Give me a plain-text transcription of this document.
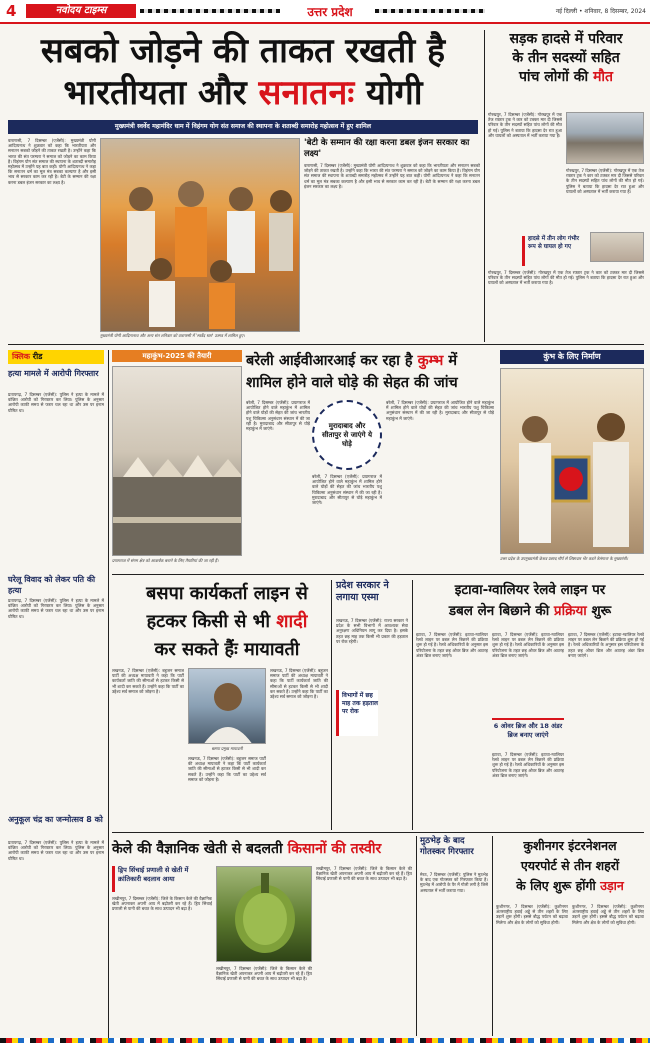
4	नवोदय टाइम्स	उत्तर प्रदेश	नई दिल्ली • शनिवार, 8 दिसम्बर, 2024
सबको जोड़ने की ताकत रखती है
भारतीयता और सनातनः योगी
मुख्यमंत्री स्वर्वेद महामंदिर धाम में विहंगम योग संत समाज की स्थापना के शताब्दी समारोह महोत्सव में हुए शामिल

वाराणसी, 7 दिसम्बर (एजेंसी): मुख्यमंत्री योगी आदित्यनाथ ने शुक्रवार को कहा कि भारतीयता और सनातन सबको जोड़ने की ताकत रखती है। उन्होंने कहा कि भारत की संत परम्परा ने समाज को जोड़ने का काम किया है। विहंगम योग संत समाज की स्थापना के शताब्दी समारोह महोत्सव में उन्होंने यह बात कही। योगी आदित्यनाथ ने कहा कि सनातन धर्म का मूल मंत्र सबका कल्याण है और इसी भाव से सरकार काम कर रही है। बेटी के सम्मान की रक्षा करना डबल इंजन सरकार का लक्ष्य है।

मुख्यमंत्री योगी आदित्यनाथ और अन्य संत शनिवार को वाराणसी में 'स्वर्वेद धाम' उत्सव में शामिल हुए।
'बेटी के सम्मान की रक्षा करना डबल इंजन सरकार का लक्ष्य'
वाराणसी, 7 दिसम्बर (एजेंसी): मुख्यमंत्री योगी आदित्यनाथ ने शुक्रवार को कहा कि भारतीयता और सनातन सबको जोड़ने की ताकत रखती है। उन्होंने कहा कि भारत की संत परम्परा ने समाज को जोड़ने का काम किया है। विहंगम योग संत समाज की स्थापना के शताब्दी समारोह महोत्सव में उन्होंने यह बात कही। योगी आदित्यनाथ ने कहा कि सनातन धर्म का मूल मंत्र सबका कल्याण है और इसी भाव से सरकार काम कर रही है। बेटी के सम्मान की रक्षा करना डबल इंजन सरकार का लक्ष्य है।
सड़क हादसे में परिवार
के तीन सदस्यों सहित
पांच लोगों की मौत

गोरखपुर, 7 दिसम्बर (एजेंसी): गोरखपुर में एक तेज रफ्तार ट्रक ने कार को टक्कर मार दी जिससे परिवार के तीन सदस्यों सहित पांच लोगों की मौत हो गई। पुलिस ने बताया कि हादसा देर रात हुआ और घायलों को अस्पताल में भर्ती कराया गया है।

गोरखपुर, 7 दिसम्बर (एजेंसी): गोरखपुर में एक तेज रफ्तार ट्रक ने कार को टक्कर मार दी जिससे परिवार के तीन सदस्यों सहित पांच लोगों की मौत हो गई। पुलिस ने बताया कि हादसा देर रात हुआ और घायलों को अस्पताल में भर्ती कराया गया है।

हादसे में तीन लोग गंभीर रूप से घायल हो गए

गोरखपुर, 7 दिसम्बर (एजेंसी): गोरखपुर में एक तेज रफ्तार ट्रक ने कार को टक्कर मार दी जिससे परिवार के तीन सदस्यों सहित पांच लोगों की मौत हो गई। पुलिस ने बताया कि हादसा देर रात हुआ और घायलों को अस्पताल में भर्ती कराया गया है।

क्लिक रीड
हत्या मामले में आरोपी गिरफ्तार

प्रतापगढ़, 7 दिसम्बर (एजेंसी): पुलिस ने हत्या के मामले में वांछित आरोपी को गिरफ्तार कर लिया। पुलिस के अनुसार आरोपी काफी समय से फरार चल रहा था और उस पर इनाम घोषित था।

घरेलू विवाद को लेकर पति की हत्या

प्रतापगढ़, 7 दिसम्बर (एजेंसी): पुलिस ने हत्या के मामले में वांछित आरोपी को गिरफ्तार कर लिया। पुलिस के अनुसार आरोपी काफी समय से फरार चल रहा था और उस पर इनाम घोषित था।

अनुकूल चंद्र का जन्मोत्सव 8 को

प्रतापगढ़, 7 दिसम्बर (एजेंसी): पुलिस ने हत्या के मामले में वांछित आरोपी को गिरफ्तार कर लिया। पुलिस के अनुसार आरोपी काफी समय से फरार चल रहा था और उस पर इनाम घोषित था।

महाकुंभ-2025 की तैयारी
प्रयागराज में संगम क्षेत्र को आकर्षक बनाने के लिए तैयारियां की जा रही हैं।
बरेली आईवीआरआई कर रहा है कुम्भ में
शामिल होने वाले घोड़े की सेहत की जांच

बरेली, 7 दिसम्बर (एजेंसी): प्रयागराज में आयोजित होने वाले महाकुंभ में शामिल होने वाले घोड़ों की सेहत की जांच भारतीय पशु चिकित्सा अनुसंधान संस्थान में की जा रही है। मुरादाबाद और सीतापुर से घोड़े महाकुंभ में जाएंगे।	मुरादाबाद और सीतापुर से जाएंगे ये घोड़े

बरेली, 7 दिसम्बर (एजेंसी): प्रयागराज में आयोजित होने वाले महाकुंभ में शामिल होने वाले घोड़ों की सेहत की जांच भारतीय पशु चिकित्सा अनुसंधान संस्थान में की जा रही है। मुरादाबाद और सीतापुर से घोड़े महाकुंभ में जाएंगे।

बरेली, 7 दिसम्बर (एजेंसी): प्रयागराज में आयोजित होने वाले महाकुंभ में शामिल होने वाले घोड़ों की सेहत की जांच भारतीय पशु चिकित्सा अनुसंधान संस्थान में की जा रही है। मुरादाबाद और सीतापुर से घोड़े महाकुंभ में जाएंगे।

कुंभ के लिए निर्माण
उत्तर प्रदेश के उपमुख्यमंत्री केशव प्रसाद मौर्य से शिष्टाचार भेंट करते तेलंगाना के मुख्यमंत्री।
बसपा कार्यकर्ता लाइन से
हटकर किसी से भी शादी
कर सकते हैंः मायावती

लखनऊ, 7 दिसम्बर (एजेंसी): बहुजन समाज पार्टी की अध्यक्ष मायावती ने कहा कि पार्टी कार्यकर्ता जाति की सीमाओं से हटकर किसी से भी शादी कर सकते हैं। उन्होंने कहा कि पार्टी का उद्देश्य सर्व समाज को जोड़ना है।

बसपा प्रमुख मायावती

लखनऊ, 7 दिसम्बर (एजेंसी): बहुजन समाज पार्टी की अध्यक्ष मायावती ने कहा कि पार्टी कार्यकर्ता जाति की सीमाओं से हटकर किसी से भी शादी कर सकते हैं। उन्होंने कहा कि पार्टी का उद्देश्य सर्व समाज को जोड़ना है।

लखनऊ, 7 दिसम्बर (एजेंसी): बहुजन समाज पार्टी की अध्यक्ष मायावती ने कहा कि पार्टी कार्यकर्ता जाति की सीमाओं से हटकर किसी से भी शादी कर सकते हैं। उन्होंने कहा कि पार्टी का उद्देश्य सर्व समाज को जोड़ना है।

प्रदेश सरकार ने लगाया एस्मा

लखनऊ, 7 दिसम्बर (एजेंसी): राज्य सरकार ने प्रदेश के सभी विभागों में आवश्यक सेवा अनुरक्षण अधिनियम लागू कर दिया है। इसके तहत छह माह तक किसी भी प्रकार की हड़ताल पर रोक रहेगी।

विभागों में छह माह तक हड़ताल पर रोक
इटावा-ग्वालियर रेलवे लाइन पर
डबल लेन बिछाने की प्रक्रिया शुरू

इटावा, 7 दिसम्बर (एजेंसी): इटावा-ग्वालियर रेलवे लाइन पर डबल लेन बिछाने की प्रक्रिया शुरू हो गई है। रेलवे अधिकारियों के अनुसार इस परियोजना के तहत छह ओवर ब्रिज और अठारह अंडर ब्रिज बनाए जाएंगे।

इटावा, 7 दिसम्बर (एजेंसी): इटावा-ग्वालियर रेलवे लाइन पर डबल लेन बिछाने की प्रक्रिया शुरू हो गई है। रेलवे अधिकारियों के अनुसार इस परियोजना के तहत छह ओवर ब्रिज और अठारह अंडर ब्रिज बनाए जाएंगे।

6 ओवर ब्रिज और 18 अंडर ब्रिज बनाए जाएंगे

इटावा, 7 दिसम्बर (एजेंसी): इटावा-ग्वालियर रेलवे लाइन पर डबल लेन बिछाने की प्रक्रिया शुरू हो गई है। रेलवे अधिकारियों के अनुसार इस परियोजना के तहत छह ओवर ब्रिज और अठारह अंडर ब्रिज बनाए जाएंगे।

इटावा, 7 दिसम्बर (एजेंसी): इटावा-ग्वालियर रेलवे लाइन पर डबल लेन बिछाने की प्रक्रिया शुरू हो गई है। रेलवे अधिकारियों के अनुसार इस परियोजना के तहत छह ओवर ब्रिज और अठारह अंडर ब्रिज बनाए जाएंगे।

केले की वैज्ञानिक खेती से बदलती किसानों की तस्वीर
ड्रिप सिंचाई प्रणाली से खेती में क्रांतिकारी बदलाव आया

लखीमपुर, 7 दिसम्बर (एजेंसी): जिले के किसान केले की वैज्ञानिक खेती अपनाकर अपनी आय में बढ़ोतरी कर रहे हैं। ड्रिप सिंचाई प्रणाली से पानी की बचत के साथ उत्पादन भी बढ़ा है।

लखीमपुर, 7 दिसम्बर (एजेंसी): जिले के किसान केले की वैज्ञानिक खेती अपनाकर अपनी आय में बढ़ोतरी कर रहे हैं। ड्रिप सिंचाई प्रणाली से पानी की बचत के साथ उत्पादन भी बढ़ा है।

लखीमपुर, 7 दिसम्बर (एजेंसी): जिले के किसान केले की वैज्ञानिक खेती अपनाकर अपनी आय में बढ़ोतरी कर रहे हैं। ड्रिप सिंचाई प्रणाली से पानी की बचत के साथ उत्पादन भी बढ़ा है।

मुठभेड़ के बाद गोतस्कर गिरफ्तार

मेरठ, 7 दिसम्बर (एजेंसी): पुलिस ने मुठभेड़ के बाद एक गोतस्कर को गिरफ्तार किया है। मुठभेड़ में आरोपी के पैर में गोली लगी है जिसे अस्पताल में भर्ती कराया गया।

कुशीनगर इंटरनेशनल
एयरपोर्ट से तीन शहरों
के लिए शुरू होंगी उड़ान

कुशीनगर, 7 दिसम्बर (एजेंसी): कुशीनगर अंतरराष्ट्रीय हवाई अड्डे से तीन शहरों के लिए उड़ानें शुरू होंगी। इससे बौद्ध पर्यटन को बढ़ावा मिलेगा और क्षेत्र के लोगों को सुविधा होगी।

कुशीनगर, 7 दिसम्बर (एजेंसी): कुशीनगर अंतरराष्ट्रीय हवाई अड्डे से तीन शहरों के लिए उड़ानें शुरू होंगी। इससे बौद्ध पर्यटन को बढ़ावा मिलेगा और क्षेत्र के लोगों को सुविधा होगी।
